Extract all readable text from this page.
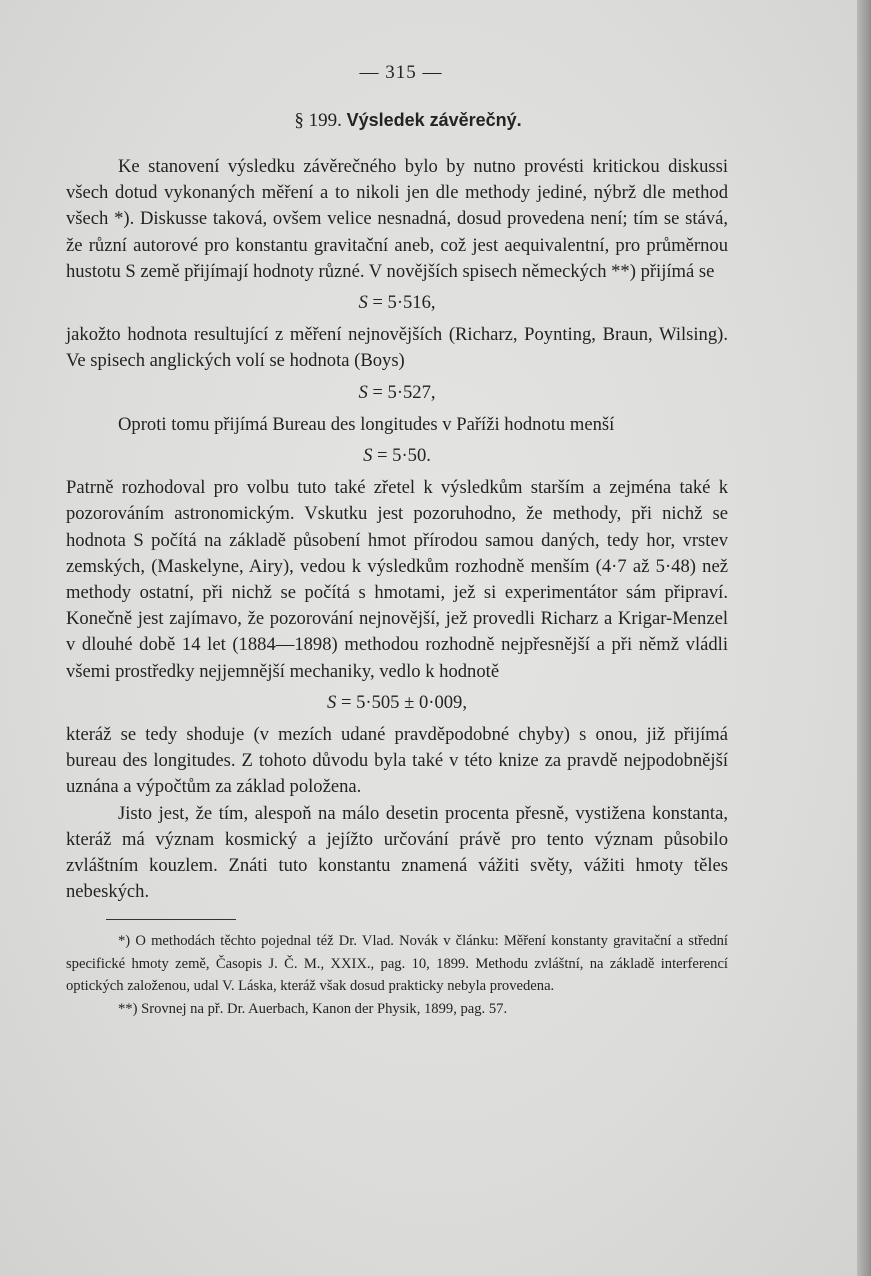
— 315 —
§ 199. Výsledek závěrečný.

Ke stanovení výsledku závěrečného bylo by nutno provésti kritickou diskussi všech dotud vykonaných měření a to nikoli jen dle methody jediné, nýbrž dle method všech *). Diskusse taková, ovšem velice nesnadná, dosud provedena není; tím se stává, že různí autorové pro konstantu gravitační aneb, což jest aequivalentní, pro průměrnou hustotu S země přijímají hodnoty různé. V novějších spisech německých **) přijímá se

S = 5·516,

jakožto hodnota resultující z měření nejnovějších (Richarz, Poynting, Braun, Wilsing). Ve spisech anglických volí se hodnota (Boys)

S = 5·527,

Oproti tomu přijímá Bureau des longitudes v Paříži hodnotu menší

S = 5·50.

Patrně rozhodoval pro volbu tuto také zřetel k výsledkům starším a zejména také k pozorováním astronomickým. Vskutku jest pozoruhodno, že methody, při nichž se hodnota S počítá na základě působení hmot přírodou samou daných, tedy hor, vrstev zemských, (Maskelyne, Airy), vedou k výsledkům rozhodně menším (4·7 až 5·48) než methody ostatní, při nichž se počítá s hmotami, jež si experimentátor sám připraví. Konečně jest zajímavo, že pozorování nejnovější, jež provedli Richarz a Krigar-Menzel v dlouhé době 14 let (1884—1898) methodou rozhodně nejpřesnější a při němž vládli všemi prostředky nejjemnější mechaniky, vedlo k hodnotě

S = 5·505 ± 0·009,

kteráž se tedy shoduje (v mezích udané pravděpodobné chyby) s onou, již přijímá bureau des longitudes. Z tohoto důvodu byla také v této knize za pravdě nejpodobnější uznána a výpočtům za základ položena.

Jisto jest, že tím, alespoň na málo desetin procenta přesně, vystižena konstanta, kteráž má význam kosmický a jejížto určování právě pro tento význam působilo zvláštním kouzlem. Znáti tuto konstantu znamená vážiti světy, vážiti hmoty těles nebeských.

*) O methodách těchto pojednal též Dr. Vlad. Novák v článku: Měření konstanty gravitační a střední specifické hmoty země, Časopis J. Č. M., XXIX., pag. 10, 1899. Methodu zvláštní, na základě interferencí optických založenou, udal V. Láska, kteráž však dosud prakticky nebyla provedena.

**) Srovnej na př. Dr. Auerbach, Kanon der Physik, 1899, pag. 57.
